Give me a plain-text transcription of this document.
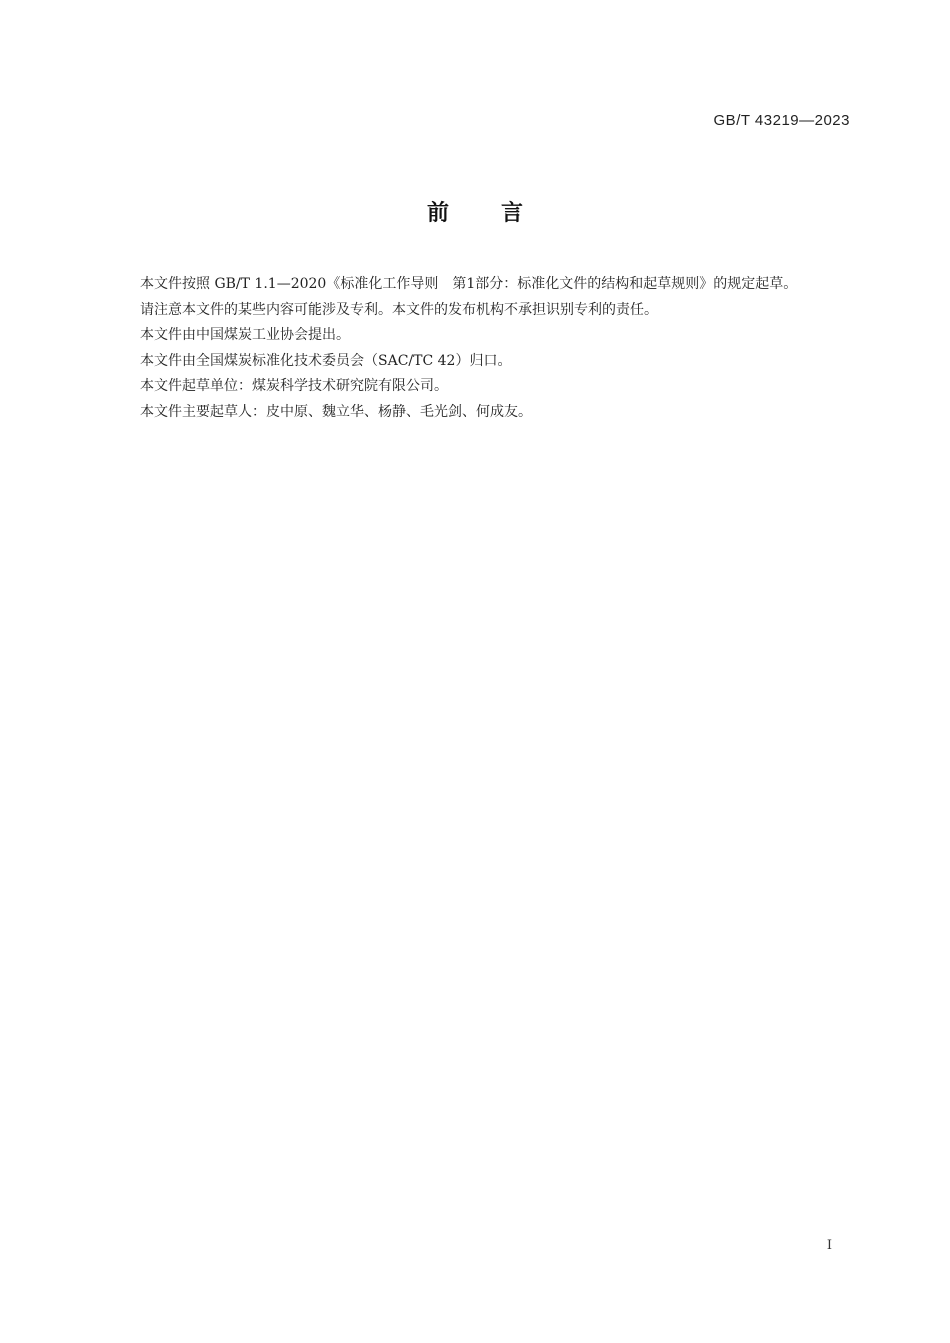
GB/T 43219—2023
前 言

本文件按照 GB/T 1.1—2020《标准化工作导则　第1部分：标准化文件的结构和起草规则》的规定起草。

请注意本文件的某些内容可能涉及专利。本文件的发布机构不承担识别专利的责任。

本文件由中国煤炭工业协会提出。

本文件由全国煤炭标准化技术委员会（SAC/TC 42）归口。

本文件起草单位：煤炭科学技术研究院有限公司。

本文件主要起草人：皮中原、魏立华、杨静、毛光剑、何成友。

I
